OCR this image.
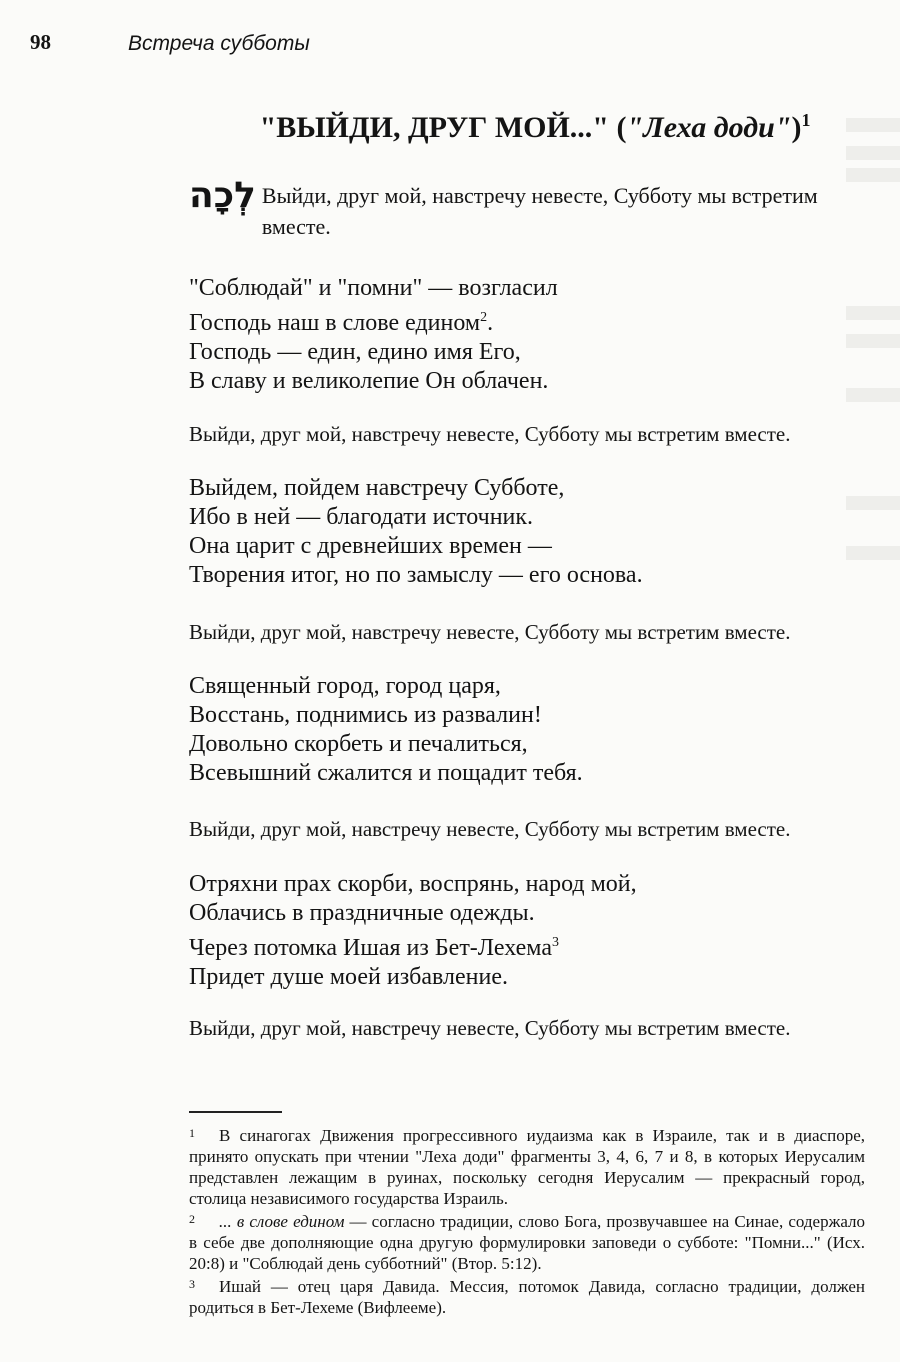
98	Встреча субботы
"ВЫЙДИ, ДРУГ МОЙ..." ("Леха доди")$^1$
לְכָה Выйди, друг мой, навстречу невесте, Субботу мы встретим вместе.
"Соблюдай" и "помни" — возгласил
Господь наш в слове едином$^2$.
Господь — един, едино имя Его,
В славу и великолепие Он облачен.
Выйди, друг мой, навстречу невесте, Субботу мы встретим вместе.
Выйдем, пойдем навстречу Субботе,
Ибо в ней — благодати источник.
Она царит с древнейших времен —
Творения итог, но по замыслу — его основа.
Выйди, друг мой, навстречу невесте, Субботу мы встретим вместе.
Священный город, город царя,
Восстань, поднимись из развалин!
Довольно скорбеть и печалиться,
Всевышний сжалится и пощадит тебя.
Выйди, друг мой, навстречу невесте, Субботу мы встретим вместе.
Отряхни прах скорби, воспрянь, народ мой,
Облачись в праздничные одежды.
Через потомка Ишая из Бет-Лехема$^3$
Придет душе моей избавление.
Выйди, друг мой, навстречу невесте, Субботу мы встретим вместе.
1	В синагогах Движения прогрессивного иудаизма как в Израиле, так и в диаспоре, принято опускать при чтении "Леха доди" фрагменты 3, 4, 6, 7 и 8, в которых Иерусалим представлен лежащим в руинах, поскольку сегодня Иерусалим — прекрасный город, столица независимого государства Израиль.
2	... в слове едином — согласно традиции, слово Бога, прозвучавшее на Синае, содержало в себе две дополняющие одна другую формулировки заповеди о субботе: "Помни..." (Исх. 20:8) и "Соблюдай день субботний" (Втор. 5:12).
3	Ишай — отец царя Давида. Мессия, потомок Давида, согласно традиции, должен родиться в Бет-Лехеме (Вифлееме).
